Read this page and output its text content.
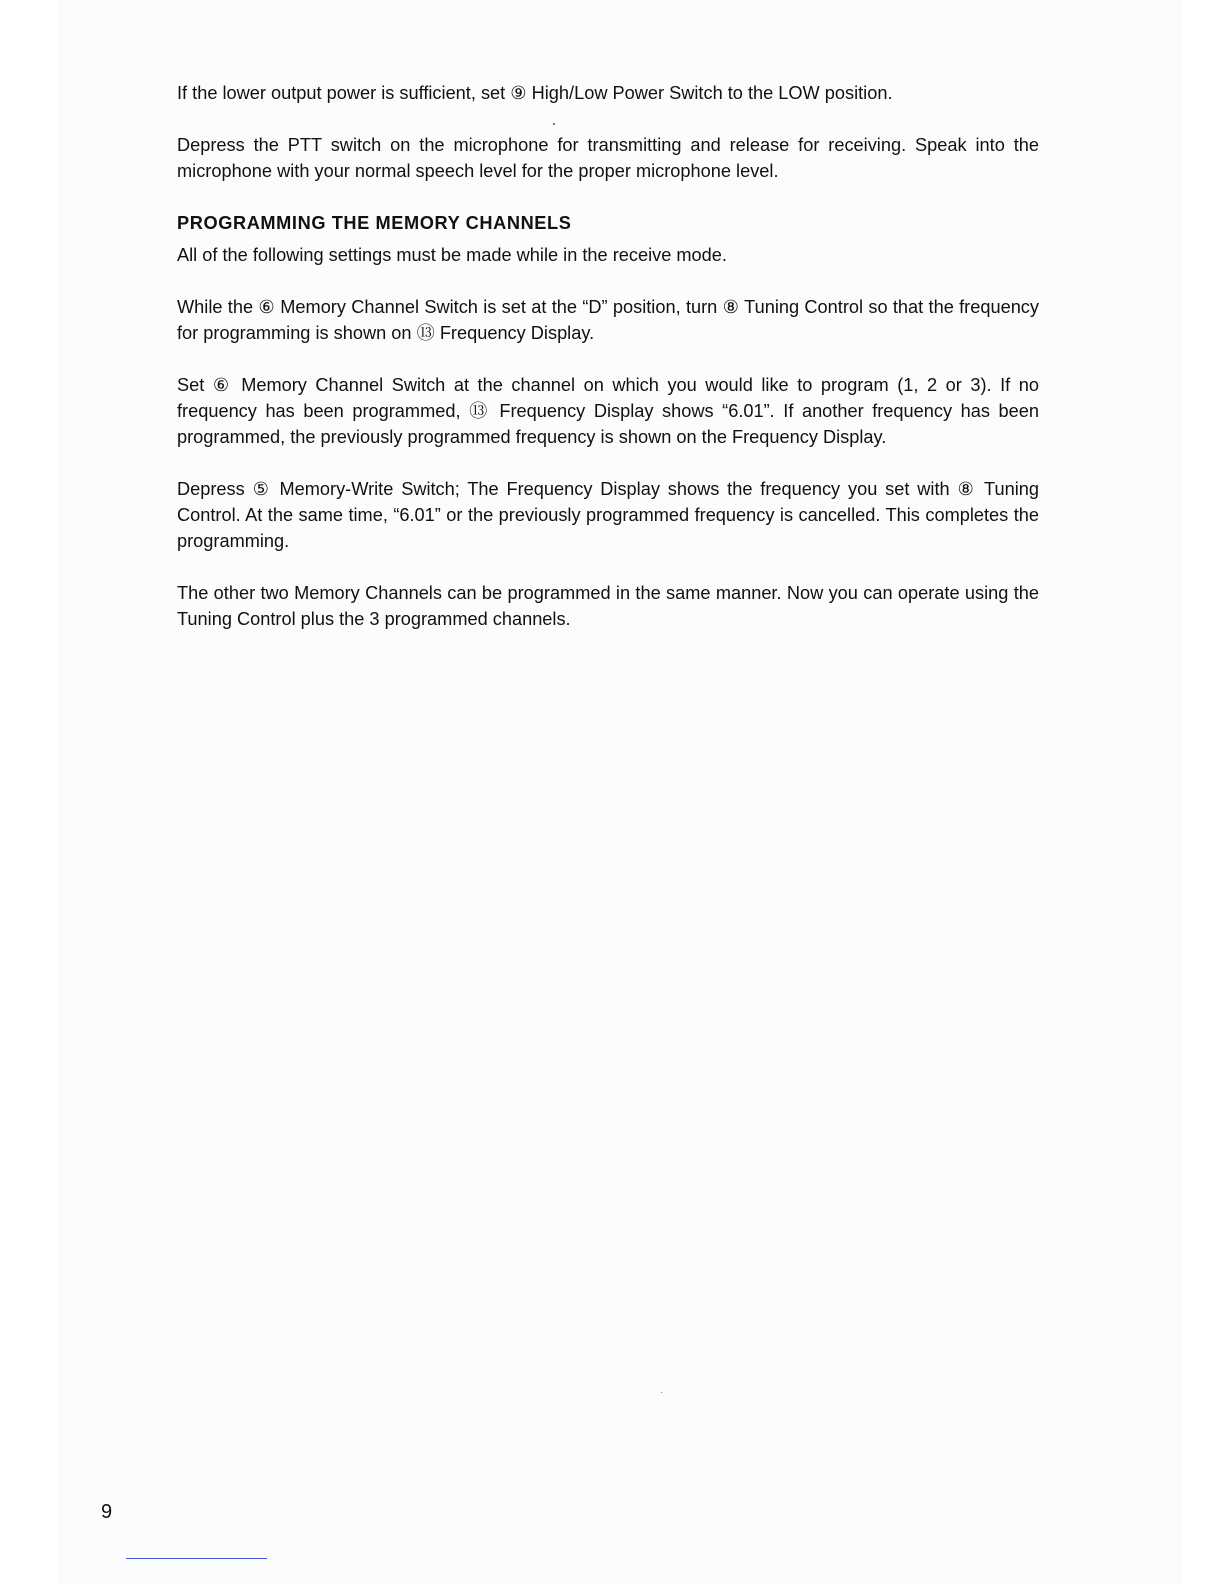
If the lower output power is sufficient, set ⑨ High/Low Power Switch to the LOW position.

Depress the PTT switch on the microphone for transmitting and release for receiving. Speak into the microphone with your normal speech level for the proper microphone level.

PROGRAMMING THE MEMORY CHANNELS

All of the following settings must be made while in the receive mode.

While the ⑥ Memory Channel Switch is set at the “D” position, turn ⑧ Tuning Control so that the frequency for programming is shown on ⑬ Frequency Display.

Set ⑥ Memory Channel Switch at the channel on which you would like to program (1, 2 or 3). If no frequency has been programmed, ⑬ Frequency Display shows “6.01”. If another frequency has been programmed, the previously programmed frequency is shown on the Frequency Display.

Depress ⑤ Memory-Write Switch; The Frequency Display shows the frequency you set with ⑧ Tuning Control. At the same time, “6.01” or the previously programmed frequency is cancelled. This completes the programming.

The other two Memory Channels can be programmed in the same manner. Now you can operate using the Tuning Control plus the 3 programmed channels.

9
